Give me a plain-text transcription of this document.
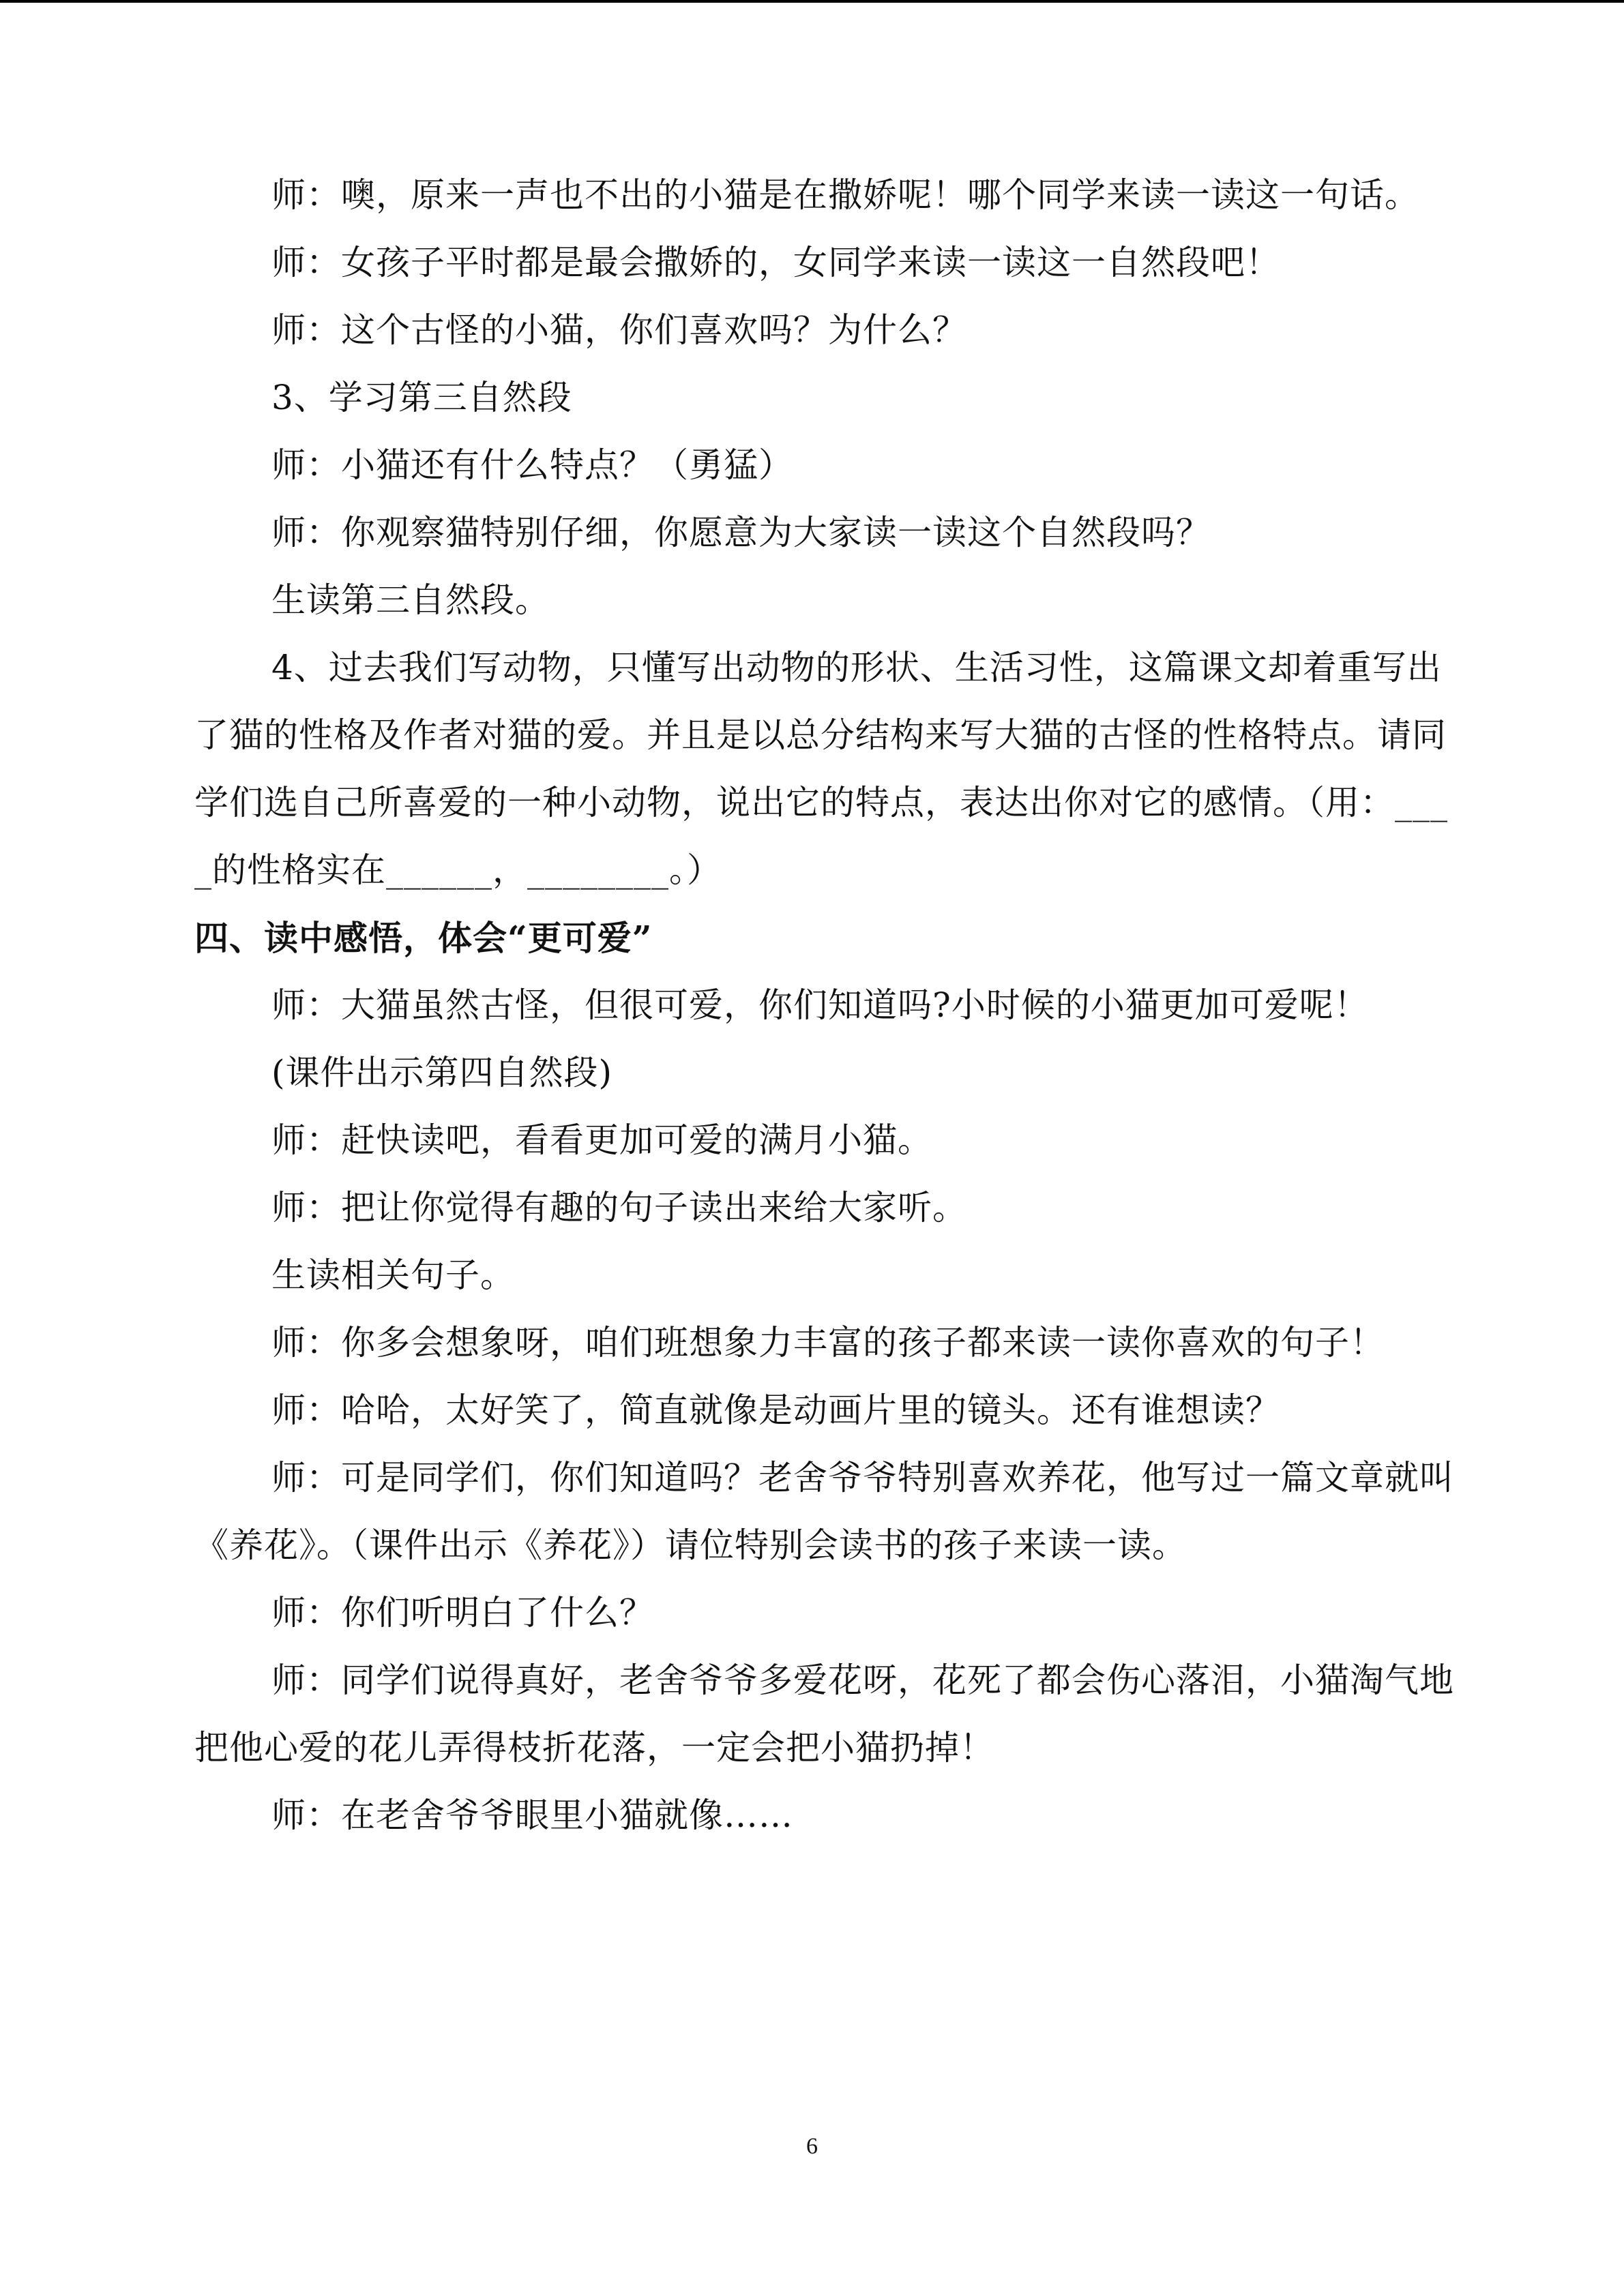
师：噢，原来一声也不出的小猫是在撒娇呢！哪个同学来读一读这一句话。

师：女孩子平时都是最会撒娇的，女同学来读一读这一自然段吧！

师：这个古怪的小猫，你们喜欢吗？为什么？

3、学习第三自然段

师：小猫还有什么特点？（勇猛）

师：你观察猫特别仔细，你愿意为大家读一读这个自然段吗？

生读第三自然段。

4、过去我们写动物，只懂写出动物的形状、生活习性，这篇课文却着重写出了猫的性格及作者对猫的爱。并且是以总分结构来写大猫的古怪的性格特点。请同学们选自己所喜爱的一种小动物，说出它的特点，表达出你对它的感情。（用：____的性格实在______，________。）

四、读中感悟，体会“更可爱”

师：大猫虽然古怪，但很可爱，你们知道吗?小时候的小猫更加可爱呢！

(课件出示第四自然段)

师：赶快读吧，看看更加可爱的满月小猫。

师：把让你觉得有趣的句子读出来给大家听。

生读相关句子。

师：你多会想象呀，咱们班想象力丰富的孩子都来读一读你喜欢的句子！

师：哈哈，太好笑了，简直就像是动画片里的镜头。还有谁想读？

师：可是同学们，你们知道吗？老舍爷爷特别喜欢养花，他写过一篇文章就叫《养花》。（课件出示《养花》）请位特别会读书的孩子来读一读。

师：你们听明白了什么？

师：同学们说得真好，老舍爷爷多爱花呀，花死了都会伤心落泪，小猫淘气地把他心爱的花儿弄得枝折花落，一定会把小猫扔掉！

师：在老舍爷爷眼里小猫就像……

6
